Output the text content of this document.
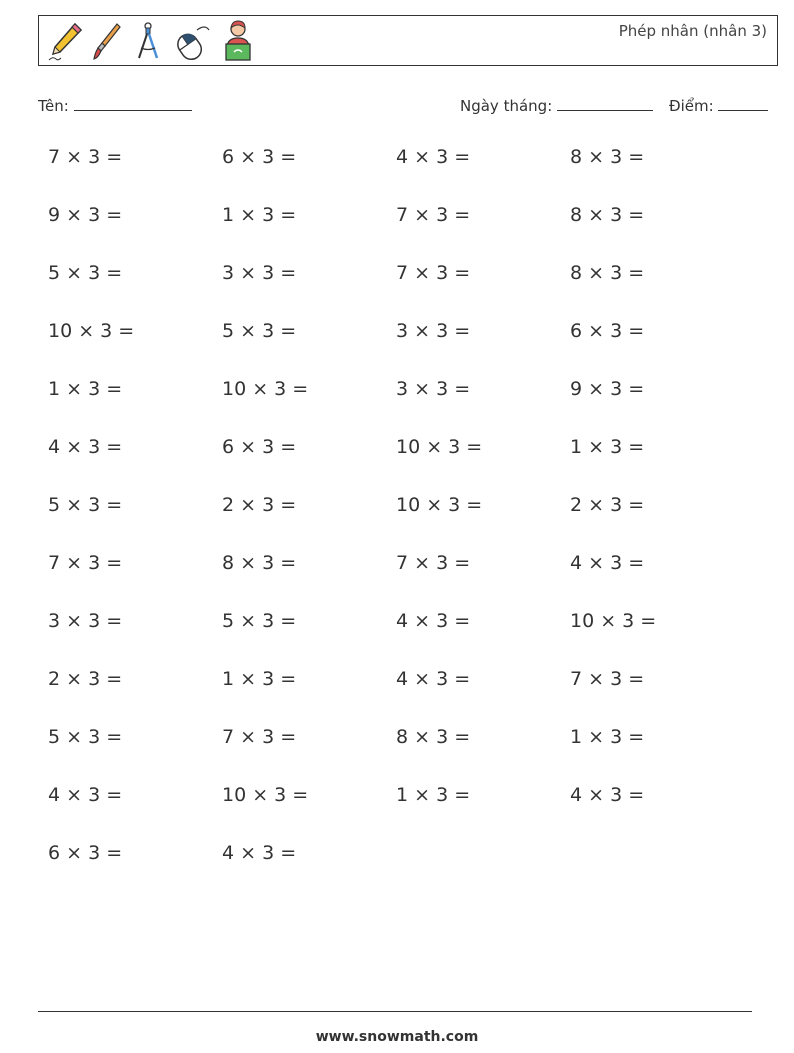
Phép nhân (nhân 3)
Tên:	Ngày tháng:	Điểm:
7 × 3 =	6 × 3 =	4 × 3 =	8 × 3 =
9 × 3 =	1 × 3 =	7 × 3 =	8 × 3 =
5 × 3 =	3 × 3 =	7 × 3 =	8 × 3 =
10 × 3 =	5 × 3 =	3 × 3 =	6 × 3 =
1 × 3 =	10 × 3 =	3 × 3 =	9 × 3 =
4 × 3 =	6 × 3 =	10 × 3 =	1 × 3 =
5 × 3 =	2 × 3 =	10 × 3 =	2 × 3 =
7 × 3 =	8 × 3 =	7 × 3 =	4 × 3 =
3 × 3 =	5 × 3 =	4 × 3 =	10 × 3 =
2 × 3 =	1 × 3 =	4 × 3 =	7 × 3 =
5 × 3 =	7 × 3 =	8 × 3 =	1 × 3 =
4 × 3 =	10 × 3 =	1 × 3 =	4 × 3 =
6 × 3 =	4 × 3 =
www.snowmath.com
